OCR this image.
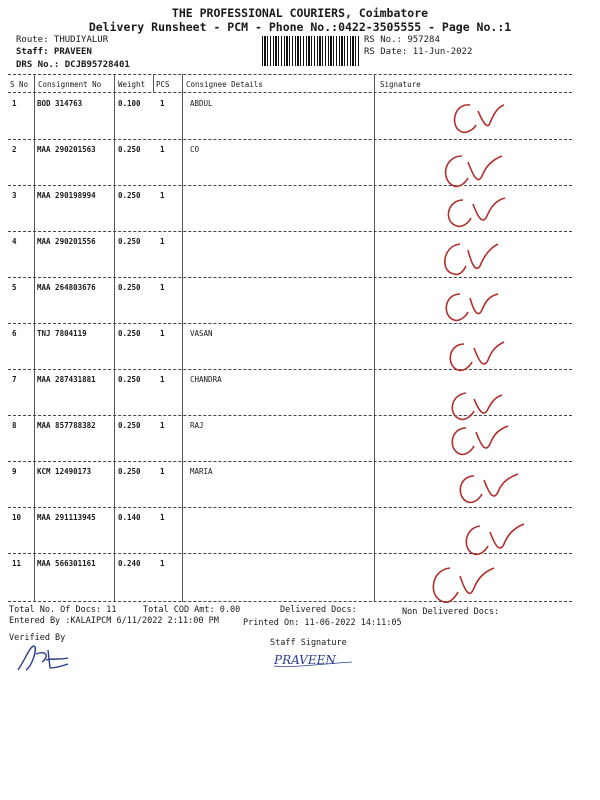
THE PROFESSIONAL COURIERS, Coimbatore
Delivery Runsheet - PCM - Phone No.:0422-3505555 - Page No.:1
Route: THUDIYALUR
Staff: PRAVEEN
DRS No.: DCJB95728401
RS No.: 957284
RS Date: 11-Jun-2022
S No Consignment No Weight PCS Consignee Details	Signature
1	BOD 314763	0.100	1	ABDUL
2	MAA 290201563	0.250	1	CO
3	MAA 290198994	0.250	1
4	MAA 290201556	0.250	1
5	MAA 264803676	0.250	1
6	TNJ 7804119	0.250	1	VASAN
7	MAA 287431881	0.250	1	CHANDRA
8	MAA 857788382	0.250	1	RAJ
9	KCM 12490173	0.250	1	MARIA
10 MAA 291113945	0.140	1
11 MAA 566301161	0.240	1
Total No. Of Docs: 11	Total COD Amt: 0.00	Delivered Docs:	Non Delivered Docs:
Entered By :KALAIPCM 6/11/2022 2:11:00 PM	Printed On: 11-06-2022 14:11:05
Verified By	Staff Signature
PRAVEEN
